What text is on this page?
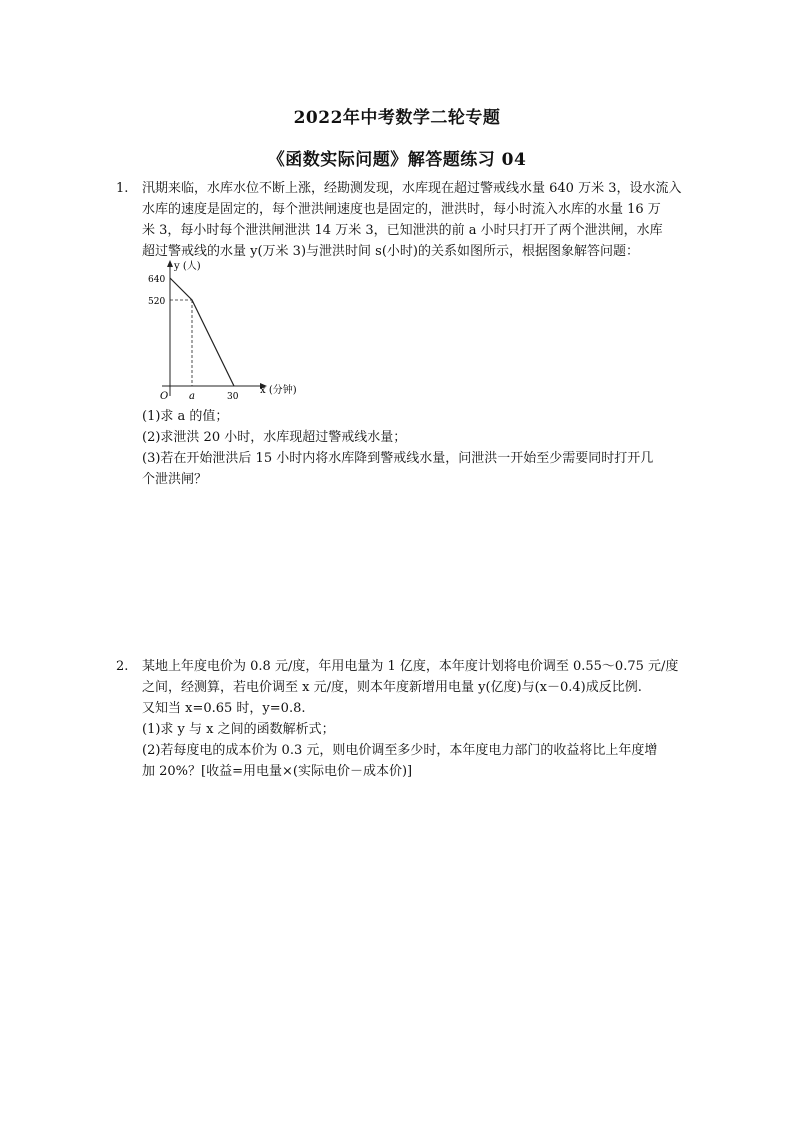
2022年中考数学二轮专题
《函数实际问题》解答题练习 04
1.	汛期来临，水库水位不断上涨，经勘测发现，水库现在超过警戒线水量 640 万米 3，设水流入
水库的速度是固定的，每个泄洪闸速度也是固定的，泄洪时，每小时流入水库的水量 16 万
米 3，每小时每个泄洪闸泄洪 14 万米 3，已知泄洪的前 a 小时只打开了两个泄洪闸，水库
超过警戒线的水量 y(万米 3)与泄洪时间 s(小时)的关系如图所示，根据图象解答问题：
y (人)
640
520
O a	30
x (分钟)
(1)求 a 的值；
(2)求泄洪 20 小时，水库现超过警戒线水量；
(3)若在开始泄洪后 15 小时内将水库降到警戒线水量，问泄洪一开始至少需要同时打开几
个泄洪闸？
2.	某地上年度电价为 0.8 元/度，年用电量为 1 亿度，本年度计划将电价调至 0.55～0.75 元/度
之间，经测算，若电价调至 x 元/度，则本年度新增用电量 y(亿度)与(x－0.4)成反比例.
又知当 x=0.65 时，y=0.8.
(1)求 y 与 x 之间的函数解析式；
(2)若每度电的成本价为 0.3 元，则电价调至多少时，本年度电力部门的收益将比上年度增
加 20%？[收益=用电量×(实际电价－成本价)]
